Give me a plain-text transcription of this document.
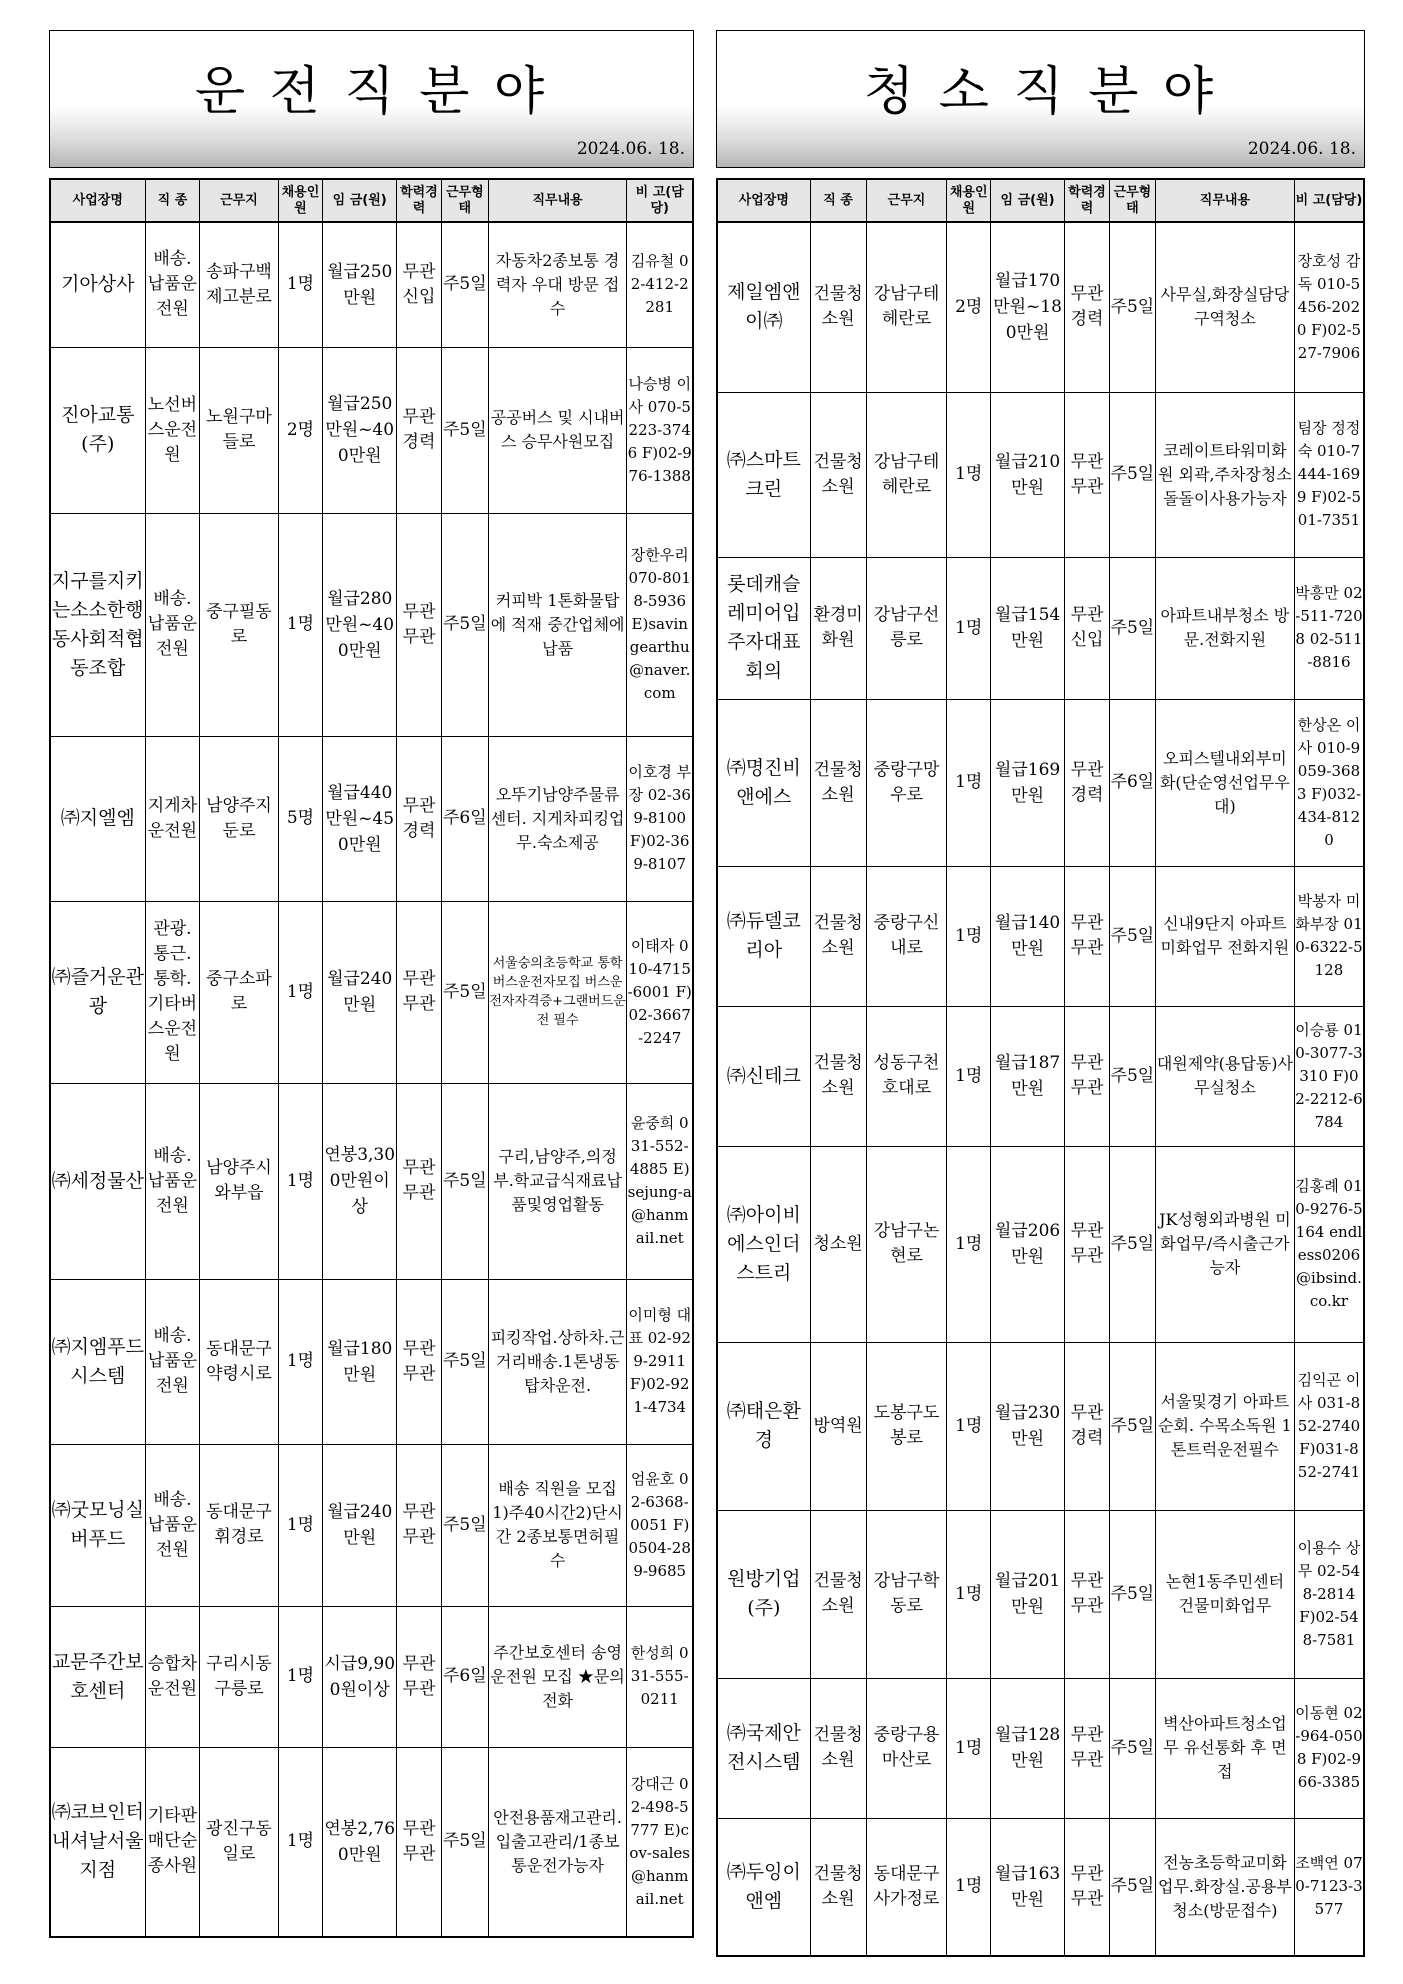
운 전 직 분 야
2024.06. 18.
사업장명	직 종	근무지	채용인원	임 금(원)	학력경력	근무형태	직무내용	비 고(담당)
기아상사	배송.납품운전원	송파구백제고분로	1명	월급250만원	무관신입	주5일	자동차2종보통 경력자 우대 방문 접수	김유철 02-412-2281
진아교통(주)	노선버스운전원	노원구마들로	2명	월급250만원~400만원	무관경력	주5일	공공버스 및 시내버스 승무사원모집	나승병 이사 070-5223-3746 F)02-976-1388
지구를지키는소소한행동사회적협동조합	배송.납품운전원	중구필동로	1명	월급280만원~400만원	무관무관	주5일	커피박 1톤화물탑에 적재 중간업체에 납품	장한우리 070-8018-5936 E)savingearthu@naver.com
㈜지엘엠	지게차운전원	남양주지둔로	5명	월급440만원~450만원	무관경력	주6일	오뚜기남양주물류센터. 지게차피킹업무.숙소제공	이호경 부장 02-369-8100 F)02-369-8107
㈜즐거운관광	관광.통근.통학.기타버스운전원	중구소파로	1명	월급240만원	무관무관	주5일	서울숭의초등학교 통학버스운전자모집 버스운전자자격증+그랜버드운전 필수	이태자 010-4715-6001 F)02-3667-2247
㈜세정물산	배송.납품운전원	남양주시와부읍	1명	연봉3,300만원이상	무관무관	주5일	구리,남양주,의정부.학교급식재료납품및영업활동	윤중희 031-552-4885 E)sejung-a@hanmail.net
㈜지엠푸드시스템	배송.납품운전원	동대문구약령시로	1명	월급180만원	무관무관	주5일	피킹작업.상하차.근거리배송.1톤냉동탑차운전.	이미형 대표 02-929-2911 F)02-921-4734
㈜굿모닝실버푸드	배송.납품운전원	동대문구휘경로	1명	월급240만원	무관무관	주5일	배송 직원을 모집 1)주40시간2)단시간 2종보통면허필수	엄윤호 02-6368-0051 F)0504-289-9685
교문주간보호센터	승합차운전원	구리시동구릉로	1명	시급9,900원이상	무관무관	주6일	주간보호센터 송영운전원 모집 ★문의 전화	한성희 031-555-0211
㈜코브인터내셔날서울지점	기타판매단순종사원	광진구동일로	1명	연봉2,760만원	무관무관	주5일	안전용품재고관리.입출고관리/1종보통운전가능자	강대근 02-498-5777 E)cov-sales@hanmail.net
청 소 직 분 야
2024.06. 18.
사업장명	직 종	근무지	채용인원	임 금(원)	학력경력	근무형태	직무내용	비 고(담당)
제일엠앤이㈜	건물청소원	강남구테헤란로	2명	월급170만원~180만원	무관경력	주5일	사무실,화장실담당구역청소	장호성 감독 010-5456-2020 F)02-527-7906
㈜스마트크린	건물청소원	강남구테헤란로	1명	월급210만원	무관무관	주5일	코레이트타워미화원 외곽,주차장청소 돌돌이사용가능자	팀장 정정숙 010-7444-1699 F)02-501-7351
롯데캐슬레미어입주자대표회의	환경미화원	강남구선릉로	1명	월급154만원	무관신입	주5일	아파트내부청소 방문.전화지원	박흥만 02-511-7208 02-511-8816
㈜명진비앤에스	건물청소원	중랑구망우로	1명	월급169만원	무관경력	주6일	오피스텔내외부미화(단순영선업무우대)	한상온 이사 010-9059-3683 F)032-434-8120
㈜듀델코리아	건물청소원	중랑구신내로	1명	월급140만원	무관무관	주5일	신내9단지 아파트 미화업무 전화지원	박봉자 미화부장 010-6322-5128
㈜신테크	건물청소원	성동구천호대로	1명	월급187만원	무관무관	주5일	대원제약(용답동)사무실청소	이승룡 010-3077-3310 F)02-2212-6784
㈜아이비에스인더스트리	청소원	강남구논현로	1명	월급206만원	무관무관	주5일	JK성형외과병원 미화업무/즉시출근가능자	김홍례 010-9276-5164 endless0206@ibsind.co.kr
㈜태은환경	방역원	도봉구도봉로	1명	월급230만원	무관경력	주5일	서울및경기 아파트순회. 수목소독원 1톤트럭운전필수	김익곤 이사 031-852-2740 F)031-852-2741
원방기업(주)	건물청소원	강남구학동로	1명	월급201만원	무관무관	주5일	논현1동주민센터 건물미화업무	이용수 상무 02-548-2814 F)02-548-7581
㈜국제안전시스템	건물청소원	중랑구용마산로	1명	월급128만원	무관무관	주5일	벽산아파트청소업무 유선통화 후 면접	이동현 02-964-0508 F)02-966-3385
㈜두잉이앤엠	건물청소원	동대문구사가정로	1명	월급163만원	무관무관	주5일	전농초등학교미화업무.화장실.공용부청소(방문접수)	조백연 070-7123-3577
